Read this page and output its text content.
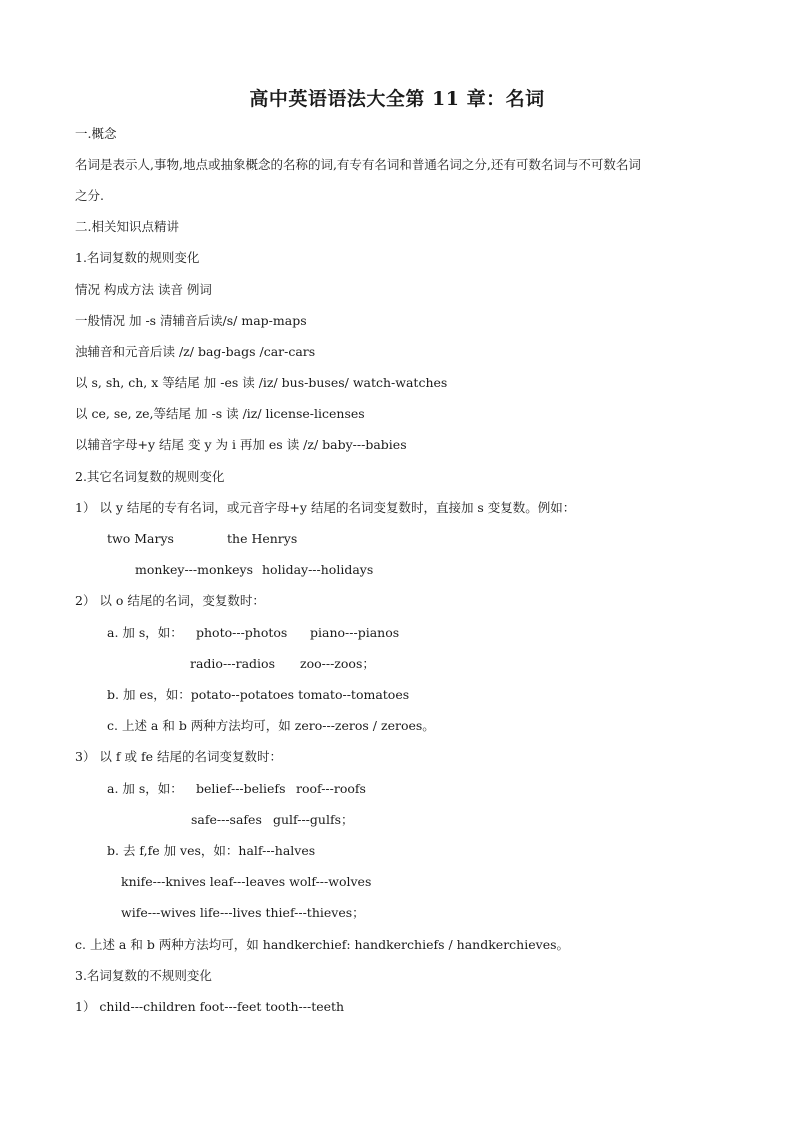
高中英语语法大全第 11 章：名词
一.概念
名词是表示人,事物,地点或抽象概念的名称的词,有专有名词和普通名词之分,还有可数名词与不可数名词
之分.
二.相关知识点精讲
1.名词复数的规则变化
情况 构成方法 读音 例词
一般情况 加 -s 清辅音后读/s/ map-maps
浊辅音和元音后读 /z/ bag-bags /car-cars
以 s, sh, ch, x 等结尾 加 -es 读 /iz/ bus-buses/ watch-watches
以 ce, se, ze,等结尾 加 -s 读 /iz/ license-licenses
以辅音字母+y 结尾 变 y 为 i 再加 es 读 /z/ baby---babies
2.其它名词复数的规则变化
1） 以 y 结尾的专有名词，或元音字母+y 结尾的名词变复数时，直接加 s 变复数。例如：
two Marys	the Henrys
monkey---monkeys holiday---holidays
2） 以 o 结尾的名词，变复数时：
a. 加 s，如： photo---photos piano---pianos
radio---radios zoo---zoos；
b. 加 es，如：potato--potatoes tomato--tomatoes
c. 上述 a 和 b 两种方法均可，如 zero---zeros / zeroes。
3） 以 f 或 fe 结尾的名词变复数时：
a. 加 s，如： belief---beliefs roof---roofs
safe---safes gulf---gulfs；
b. 去 f,fe 加 ves，如：half---halves
knife---knives leaf---leaves wolf---wolves
wife---wives life---lives thief---thieves；
c. 上述 a 和 b 两种方法均可，如 handkerchief: handkerchiefs / handkerchieves。
3.名词复数的不规则变化
1） child---children foot---feet tooth---teeth
